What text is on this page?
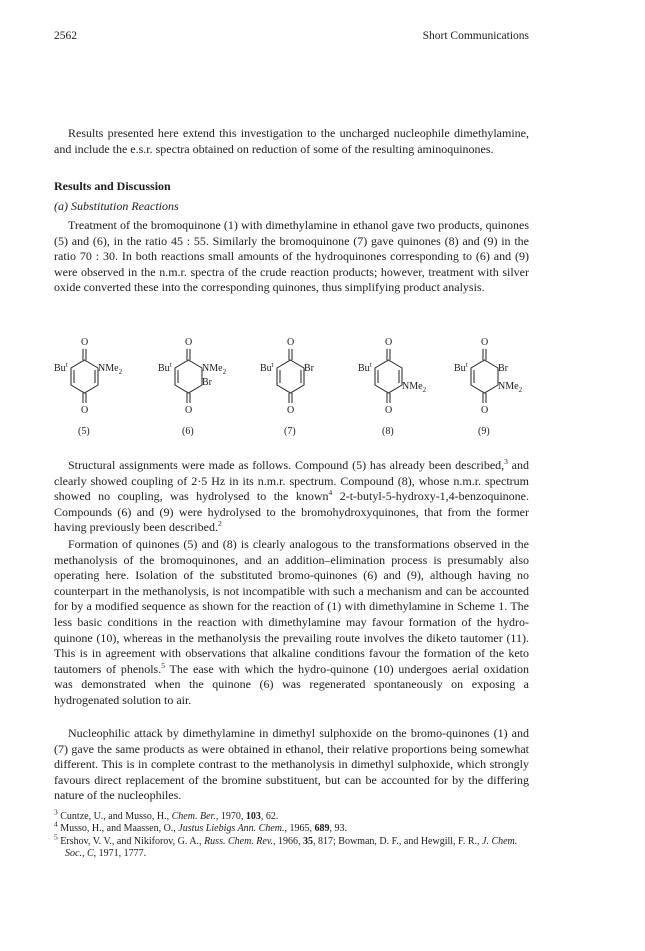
2562	Short Communications

Results presented here extend this investigation to the uncharged nucleophile dimethylamine, and include the e.s.r. spectra obtained on reduction of some of the resulting aminoquinones.

Results and Discussion
(a) Substitution Reactions

Treatment of the bromoquinone (1) with dimethylamine in ethanol gave two products, quinones (5) and (6), in the ratio 45 : 55. Similarly the bromoquinone (7) gave quinones (8) and (9) in the ratio 70 : 30. In both reactions small amounts of the hydroquinones corresponding to (6) and (9) were observed in the n.m.r. spectra of the crude reaction products; however, treatment with silver oxide converted these into the corresponding quinones, thus simplifying product analysis.

O
O
Bu$^t$	NMe$_2$
(5)
O
O
Bu$^t$	NMe$_2$
Br
(6)
O
O
Bu$^t$	Br
(7)
O
O
Bu$^t$
NMe$_2$
(8)
O
O
Bu$^t$	Br
NMe$_2$
(9)

Structural assignments were made as follows. Compound (5) has already been described,$^3$ and clearly showed coupling of 2·5 Hz in its n.m.r. spectrum. Compound (8), whose n.m.r. spectrum showed no coupling, was hydrolysed to the known$^4$ 2-t-butyl-5-hydroxy-1,4-benzoquinone. Compounds (6) and (9) were hydrolysed to the bromohydroxyquinones, that from the former having previously been described.$^2$

Formation of quinones (5) and (8) is clearly analogous to the transformations observed in the methanolysis of the bromoquinones, and an addition–elimination process is presumably also operating here. Isolation of the substituted bromo-quinones (6) and (9), although having no counterpart in the methanolysis, is not incompatible with such a mechanism and can be accounted for by a modified sequence as shown for the reaction of (1) with dimethylamine in Scheme 1. The less basic conditions in the reaction with dimethylamine may favour formation of the hydro-quinone (10), whereas in the methanolysis the prevailing route involves the diketo tautomer (11). This is in agreement with observations that alkaline conditions favour the formation of the keto tautomers of phenols.$^5$ The ease with which the hydro-quinone (10) undergoes aerial oxidation was demonstrated when the quinone (6) was regenerated spontaneously on exposing a hydrogenated solution to air.

Nucleophilic attack by dimethylamine in dimethyl sulphoxide on the bromo-quinones (1) and (7) gave the same products as were obtained in ethanol, their relative proportions being somewhat different. This is in complete contrast to the methanolysis in dimethyl sulphoxide, which strongly favours direct replacement of the bromine substituent, but can be accounted for by the differing nature of the nucleophiles.

$^3$ Cuntze, U., and Musso, H., Chem. Ber., 1970, 103, 62.

$^4$ Musso, H., and Maassen, O., Justus Liebigs Ann. Chem., 1965, 689, 93.

$^5$ Ershov, V. V., and Nikiforov, G. A., Russ. Chem. Rev., 1966, 35, 817; Bowman, D. F., and Hewgill, F. R., J. Chem. Soc., C, 1971, 1777.
